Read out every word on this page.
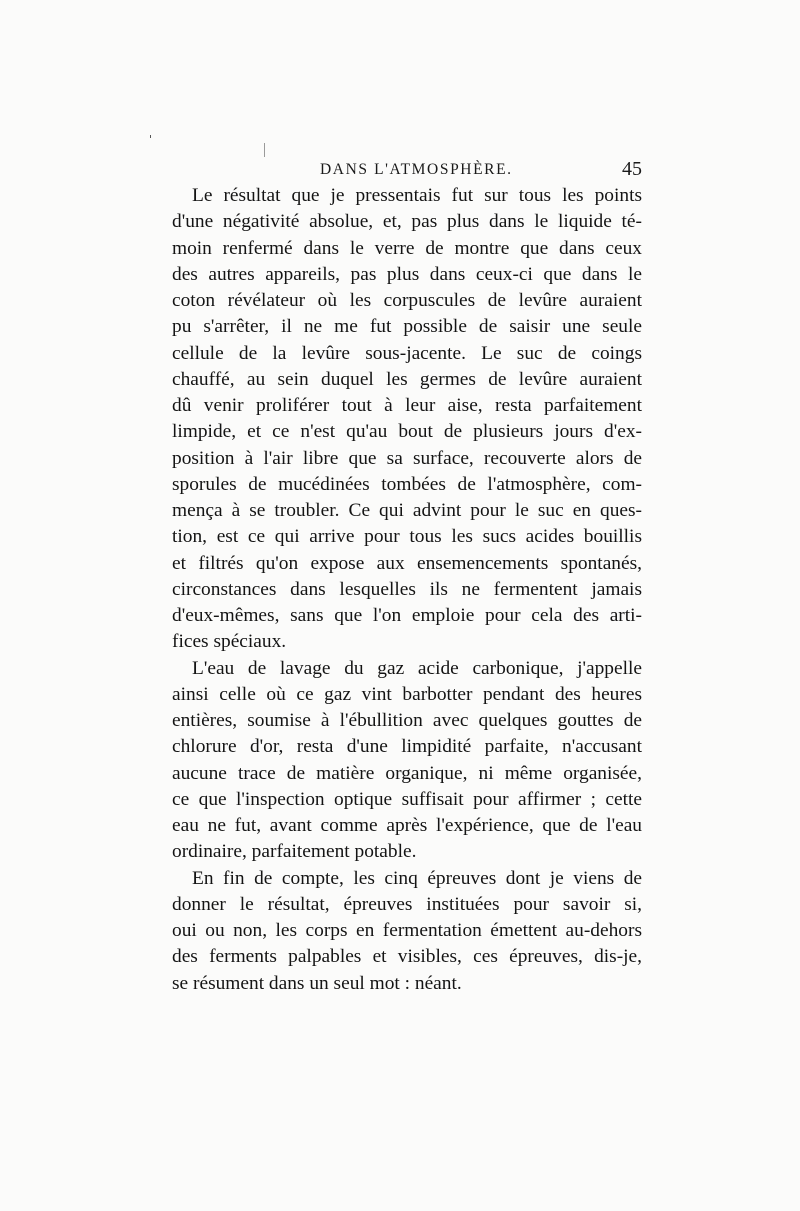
DANS L'ATMOSPHÈRE.	45
Le résultat que je pressentais fut sur tous les points
d'une négativité absolue, et, pas plus dans le liquide té-
moin renfermé dans le verre de montre que dans ceux
des autres appareils, pas plus dans ceux-ci que dans le
coton révélateur où les corpuscules de levûre auraient
pu s'arrêter, il ne me fut possible de saisir une seule
cellule de la levûre sous-jacente. Le suc de coings
chauffé, au sein duquel les germes de levûre auraient
dû venir proliférer tout à leur aise, resta parfaitement
limpide, et ce n'est qu'au bout de plusieurs jours d'ex-
position à l'air libre que sa surface, recouverte alors de
sporules de mucédinées tombées de l'atmosphère, com-
mença à se troubler. Ce qui advint pour le suc en ques-
tion, est ce qui arrive pour tous les sucs acides bouillis
et filtrés qu'on expose aux ensemencements spontanés,
circonstances dans lesquelles ils ne fermentent jamais
d'eux-mêmes, sans que l'on emploie pour cela des arti-
fices spéciaux.
L'eau de lavage du gaz acide carbonique, j'appelle
ainsi celle où ce gaz vint barbotter pendant des heures
entières, soumise à l'ébullition avec quelques gouttes de
chlorure d'or, resta d'une limpidité parfaite, n'accusant
aucune trace de matière organique, ni même organisée,
ce que l'inspection optique suffisait pour affirmer ; cette
eau ne fut, avant comme après l'expérience, que de l'eau
ordinaire, parfaitement potable.
En fin de compte, les cinq épreuves dont je viens de
donner le résultat, épreuves instituées pour savoir si,
oui ou non, les corps en fermentation émettent au-dehors
des ferments palpables et visibles, ces épreuves, dis-je,
se résument dans un seul mot : néant.
